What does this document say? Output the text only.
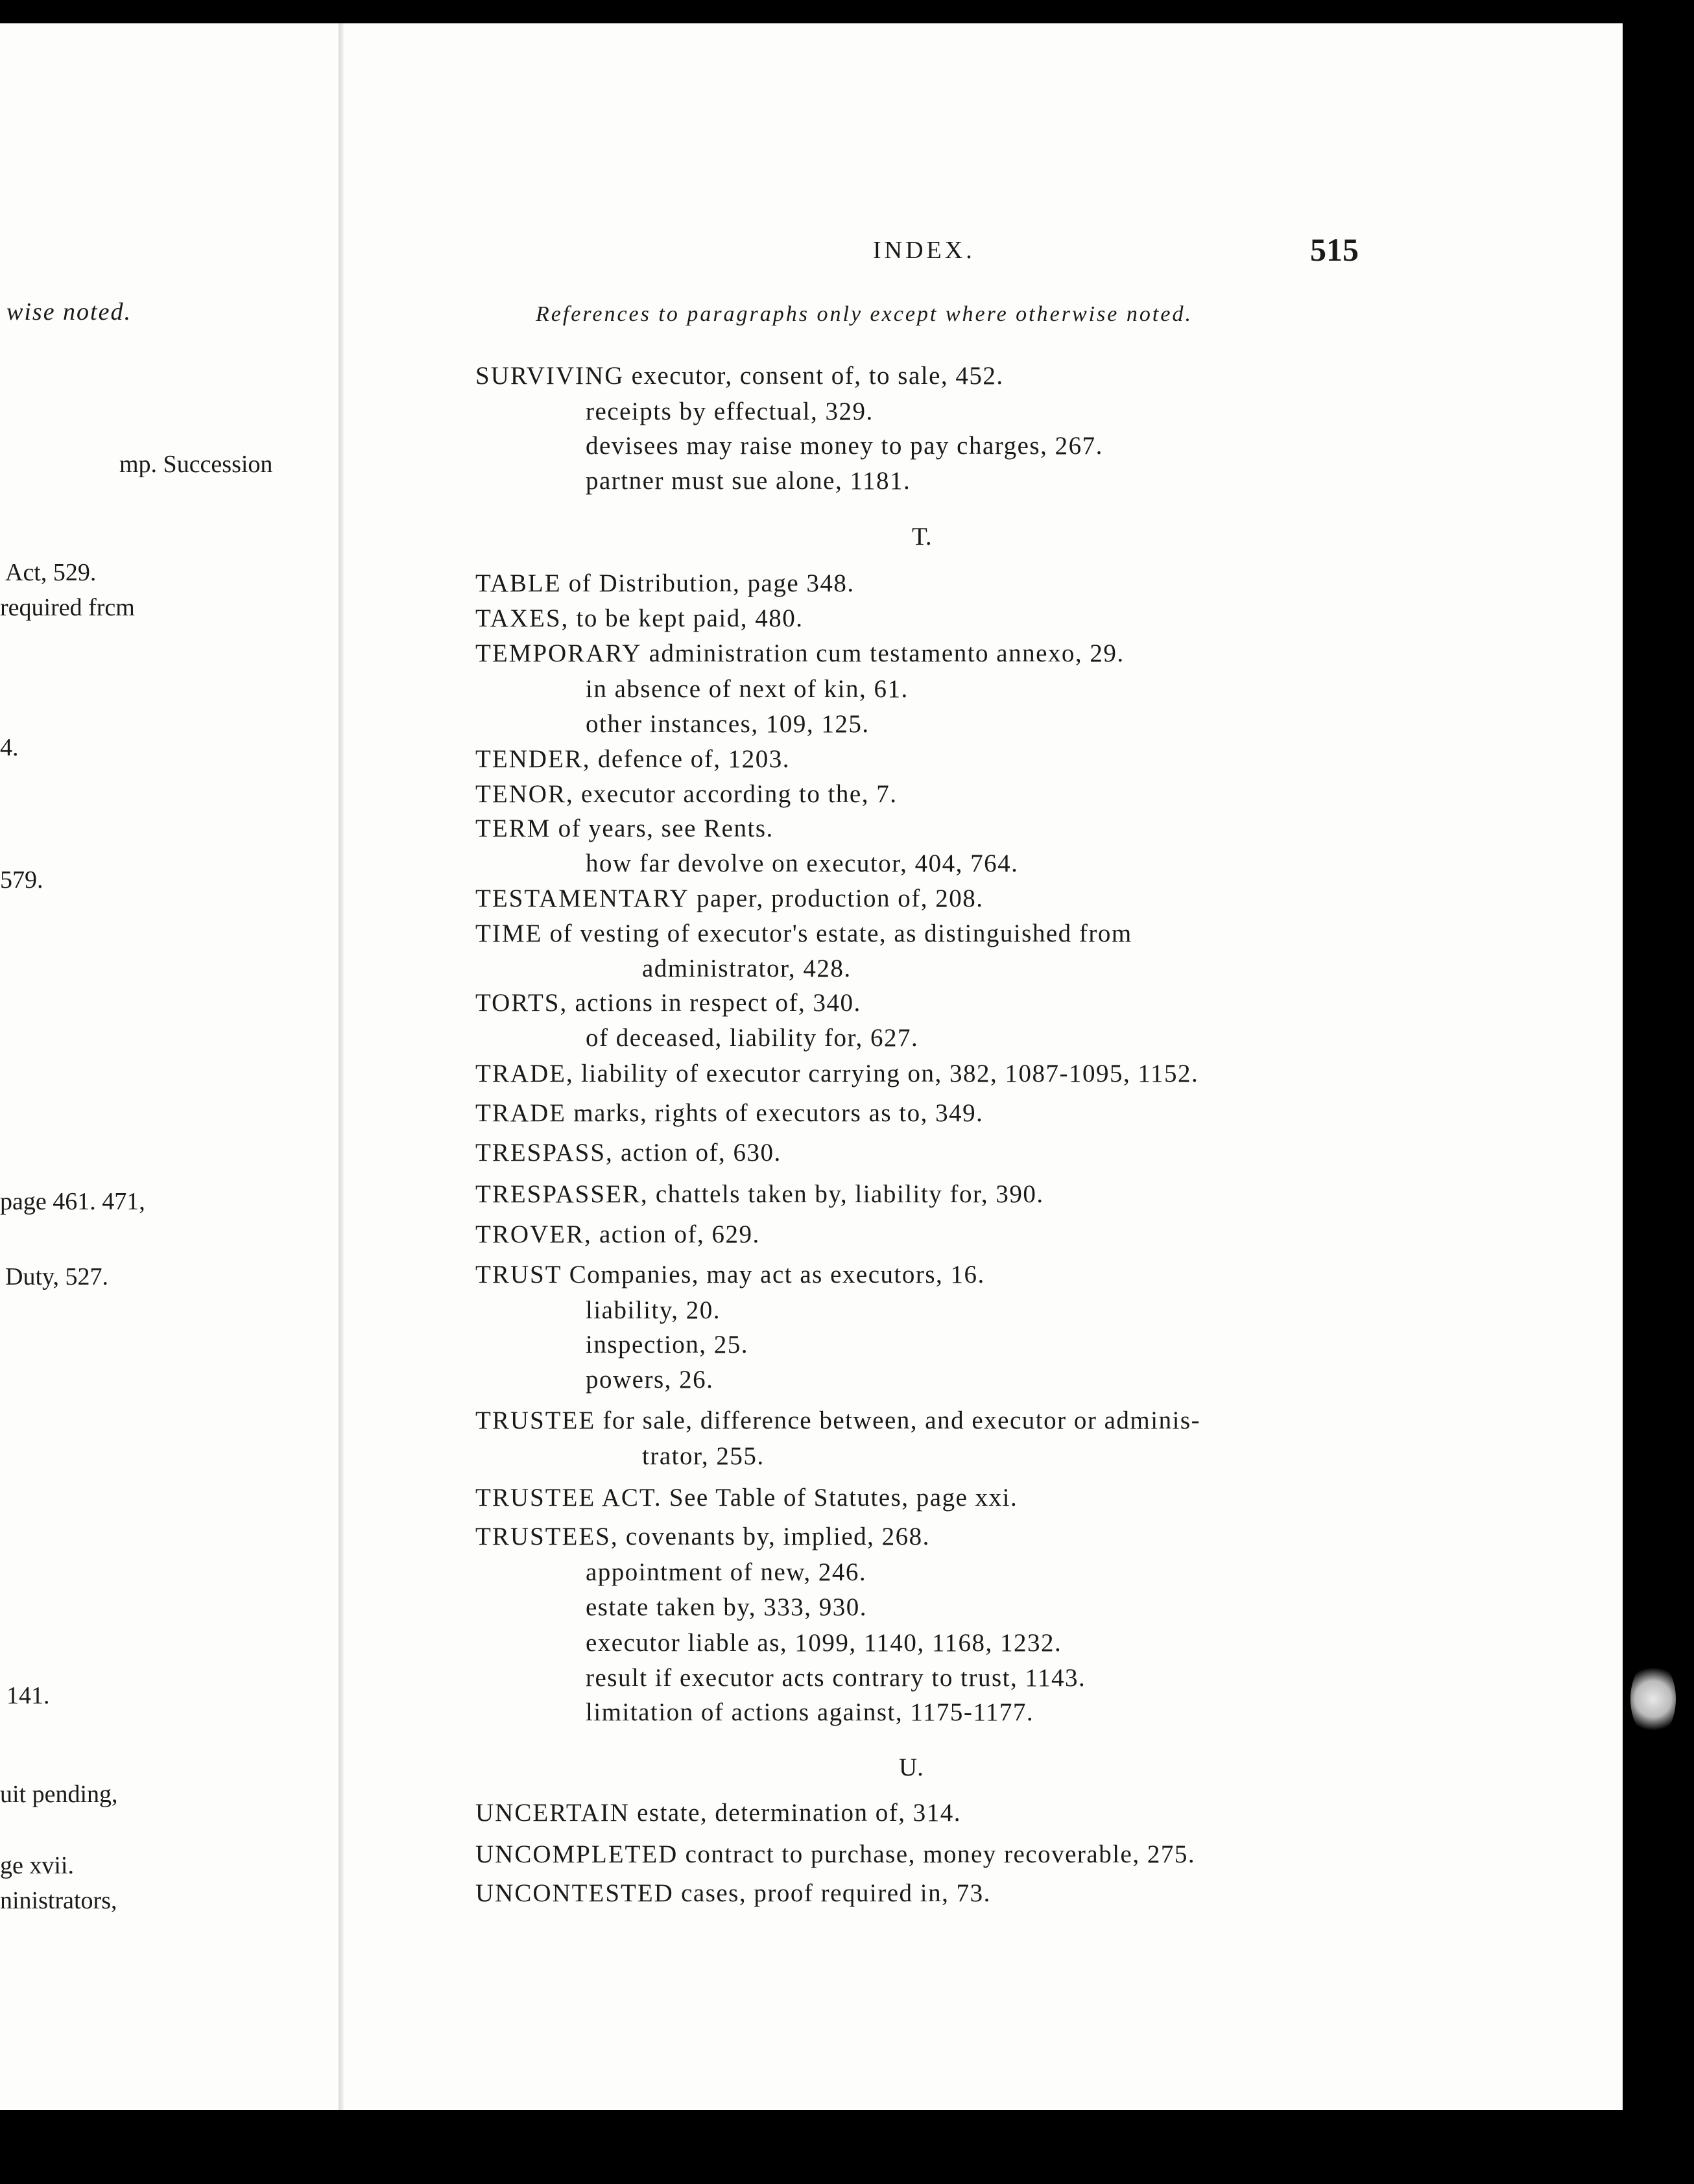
wise noted.
mp. Succession
Act, 529.
required frcm
4.
579.
page 461. 471,
Duty, 527.
141.
uit pending,
ge xvii.
ninistrators,
INDEX.	515
References to paragraphs only except where otherwise noted.
SURVIVING executor, consent of, to sale, 452.
receipts by effectual, 329.
devisees may raise money to pay charges, 267.
partner must sue alone, 1181.
T.
TABLE of Distribution, page 348.
TAXES, to be kept paid, 480.
TEMPORARY administration cum testamento annexo, 29.
in absence of next of kin, 61.
other instances, 109, 125.
TENDER, defence of, 1203.
TENOR, executor according to the, 7.
TERM of years, see Rents.
how far devolve on executor, 404, 764.
TESTAMENTARY paper, production of, 208.
TIME of vesting of executor's estate, as distinguished from
administrator, 428.
TORTS, actions in respect of, 340.
of deceased, liability for, 627.
TRADE, liability of executor carrying on, 382, 1087-1095, 1152.
TRADE marks, rights of executors as to, 349.
TRESPASS, action of, 630.
TRESPASSER, chattels taken by, liability for, 390.
TROVER, action of, 629.
TRUST Companies, may act as executors, 16.
liability, 20.
inspection, 25.
powers, 26.
TRUSTEE for sale, difference between, and executor or adminis-
trator, 255.
TRUSTEE ACT. See Table of Statutes, page xxi.
TRUSTEES, covenants by, implied, 268.
appointment of new, 246.
estate taken by, 333, 930.
executor liable as, 1099, 1140, 1168, 1232.
result if executor acts contrary to trust, 1143.
limitation of actions against, 1175-1177.
U.
UNCERTAIN estate, determination of, 314.
UNCOMPLETED contract to purchase, money recoverable, 275.
UNCONTESTED cases, proof required in, 73.
